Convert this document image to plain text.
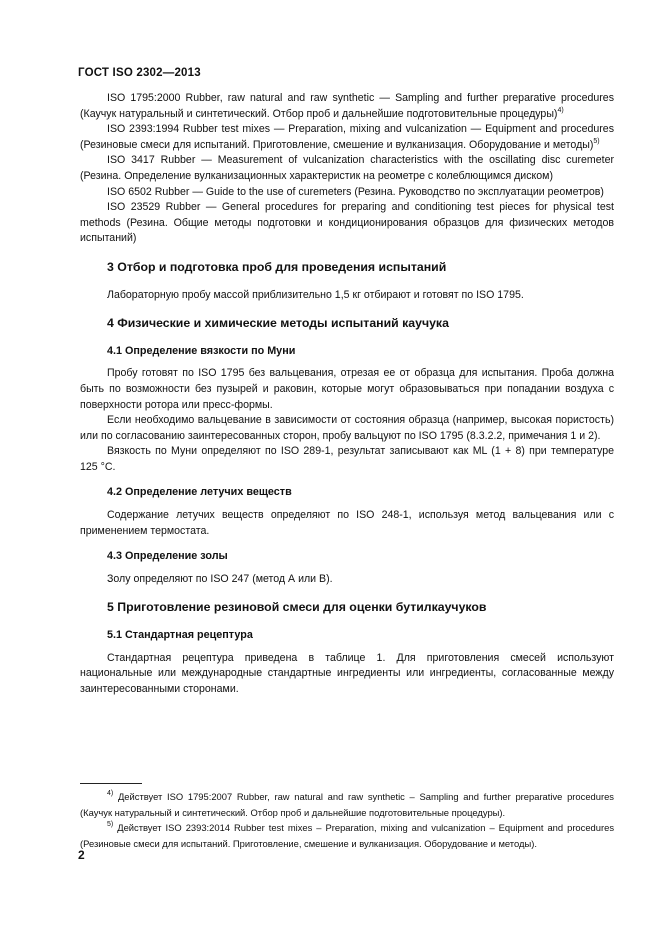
ГОСТ ISO 2302—2013

ISO 1795:2000 Rubber, raw natural and raw synthetic — Sampling and further preparative procedures (Каучук натуральный и синтетический. Отбор проб и дальнейшие подготовительные процедуры)$^{4)}$

ISO 2393:1994 Rubber test mixes — Preparation, mixing and vulcanization — Equipment and procedures (Резиновые смеси для испытаний. Приготовление, смешение и вулканизация. Оборудование и методы)$^{5)}$

ISO 3417 Rubber — Measurement of vulcanization characteristics with the oscillating disc curemeter (Резина. Определение вулканизационных характеристик на реометре с колеблющимся диском)

ISO 6502 Rubber — Guide to the use of curemeters (Резина. Руководство по эксплуатации реометров)

ISO 23529 Rubber — General procedures for preparing and conditioning test pieces for physical test methods (Резина. Общие методы подготовки и кондиционирования образцов для физических методов испытаний)

3 Отбор и подготовка проб для проведения испытаний

Лабораторную пробу массой приблизительно 1,5 кг отбирают и готовят по ISO 1795.

4 Физические и химические методы испытаний каучука
4.1 Определение вязкости по Муни

Пробу готовят по ISO 1795 без вальцевания, отрезая ее от образца для испытания. Проба должна быть по возможности без пузырей и раковин, которые могут образовываться при попадании воздуха с поверхности ротора или пресс-формы.

Если необходимо вальцевание в зависимости от состояния образца (например, высокая пористость) или по согласованию заинтересованных сторон, пробу вальцуют по ISO 1795 (8.3.2.2, примечания 1 и 2).

Вязкость по Муни определяют по ISO 289-1, результат записывают как ML (1 + 8) при температуре 125 °С.

4.2 Определение летучих веществ

Содержание летучих веществ определяют по ISO 248-1, используя метод вальцевания или с применением термостата.

4.3 Определение золы

Золу определяют по ISO 247 (метод А или В).

5 Приготовление резиновой смеси для оценки бутилкаучуков
5.1 Стандартная рецептура

Стандартная рецептура приведена в таблице 1. Для приготовления смесей используют национальные или международные стандартные ингредиенты или ингредиенты, согласованные между заинтересованными сторонами.

$^{4)}$ Действует ISO 1795:2007 Rubber, raw natural and raw synthetic – Sampling and further preparative procedures (Каучук натуральный и синтетический. Отбор проб и дальнейшие подготовительные процедуры).

$^{5)}$ Действует ISO 2393:2014 Rubber test mixes – Preparation, mixing and vulcanization – Equipment and procedures (Резиновые смеси для испытаний. Приготовление, смешение и вулканизация. Оборудование и методы).

2
